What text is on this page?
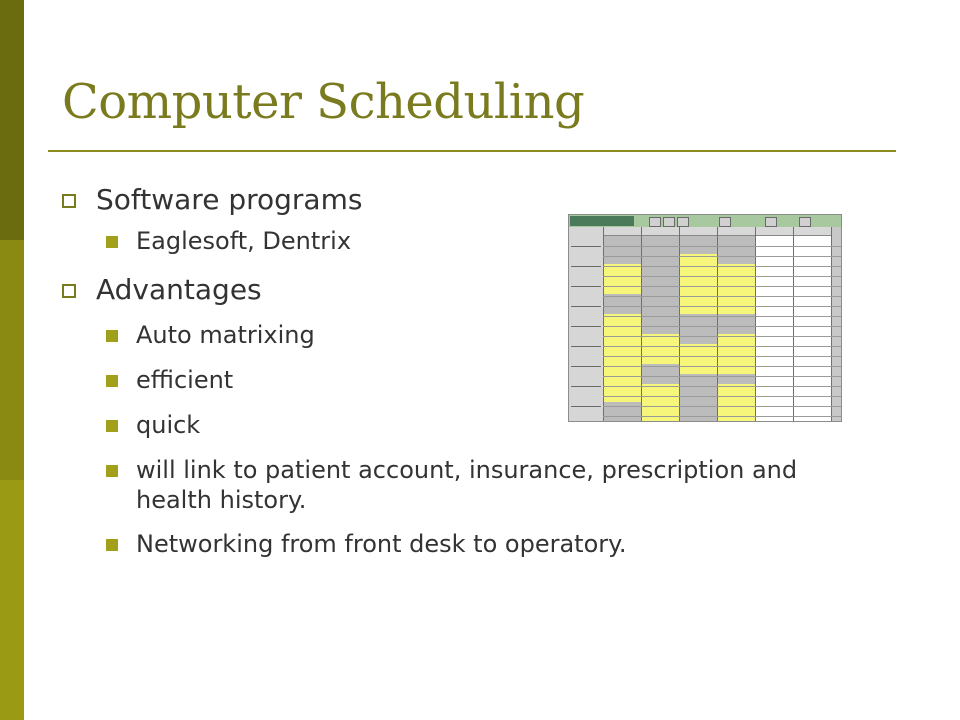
Computer Scheduling
Software programs
Eaglesoft, Dentrix
Advantages
Auto matrixing
efficient
quick
will link to patient account, insurance, prescription and health history.
Networking from front desk to operatory.
